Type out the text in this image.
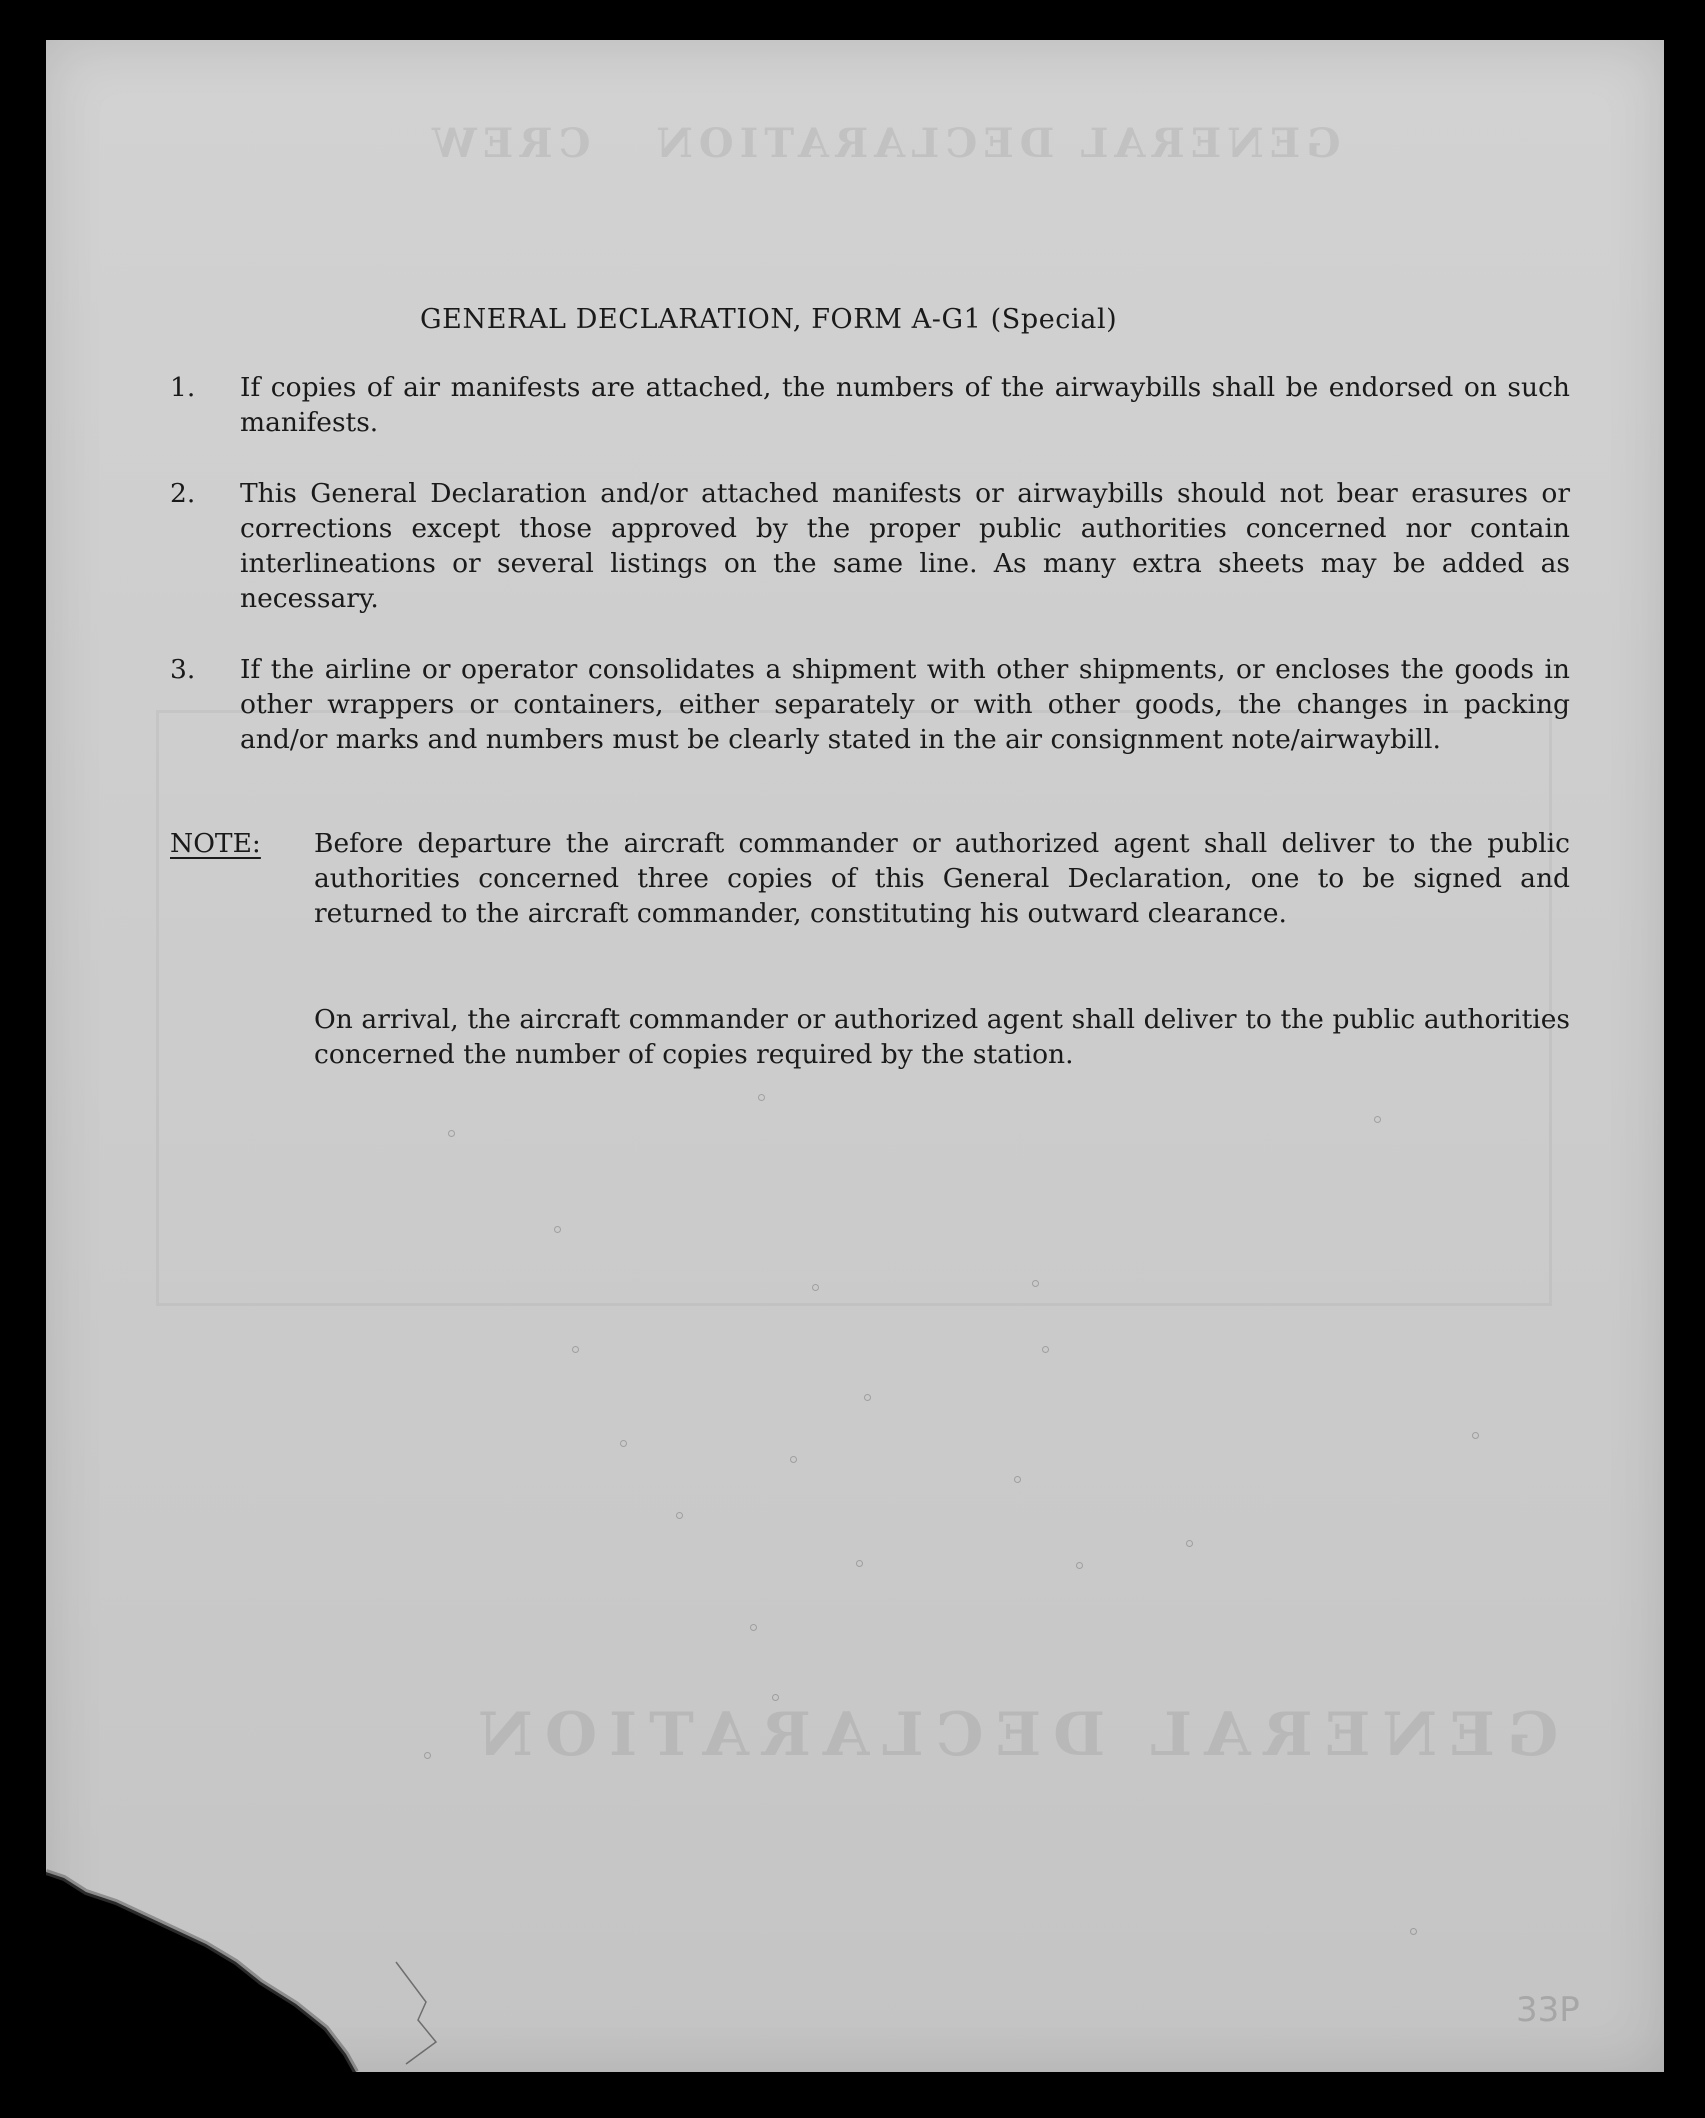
GENERAL DECLARATION   CREW
GENERAL DECLARATION
GENERAL DECLARATION, FORM A-G1 (Special)
1. If copies of air manifests are attached, the numbers of the airwaybills shall be endorsed on such manifests.
2. This General Declaration and/or attached manifests or airwaybills should not bear erasures or corrections except those approved by the proper public authorities concerned nor contain interlineations or several listings on the same line. As many extra sheets may be added as necessary.
3. If the airline or operator consolidates a shipment with other shipments, or encloses the goods in other wrappers or containers, either separately or with other goods, the changes in packing and/or marks and numbers must be clearly stated in the air consignment note/airwaybill.
NOTE: Before departure the aircraft commander or authorized agent shall deliver to the public authorities concerned three copies of this General Declaration, one to be signed and returned to the aircraft commander, constituting his outward clearance.
On arrival, the aircraft commander or authorized agent shall deliver to the public authorities concerned the number of copies required by the station.
33P
